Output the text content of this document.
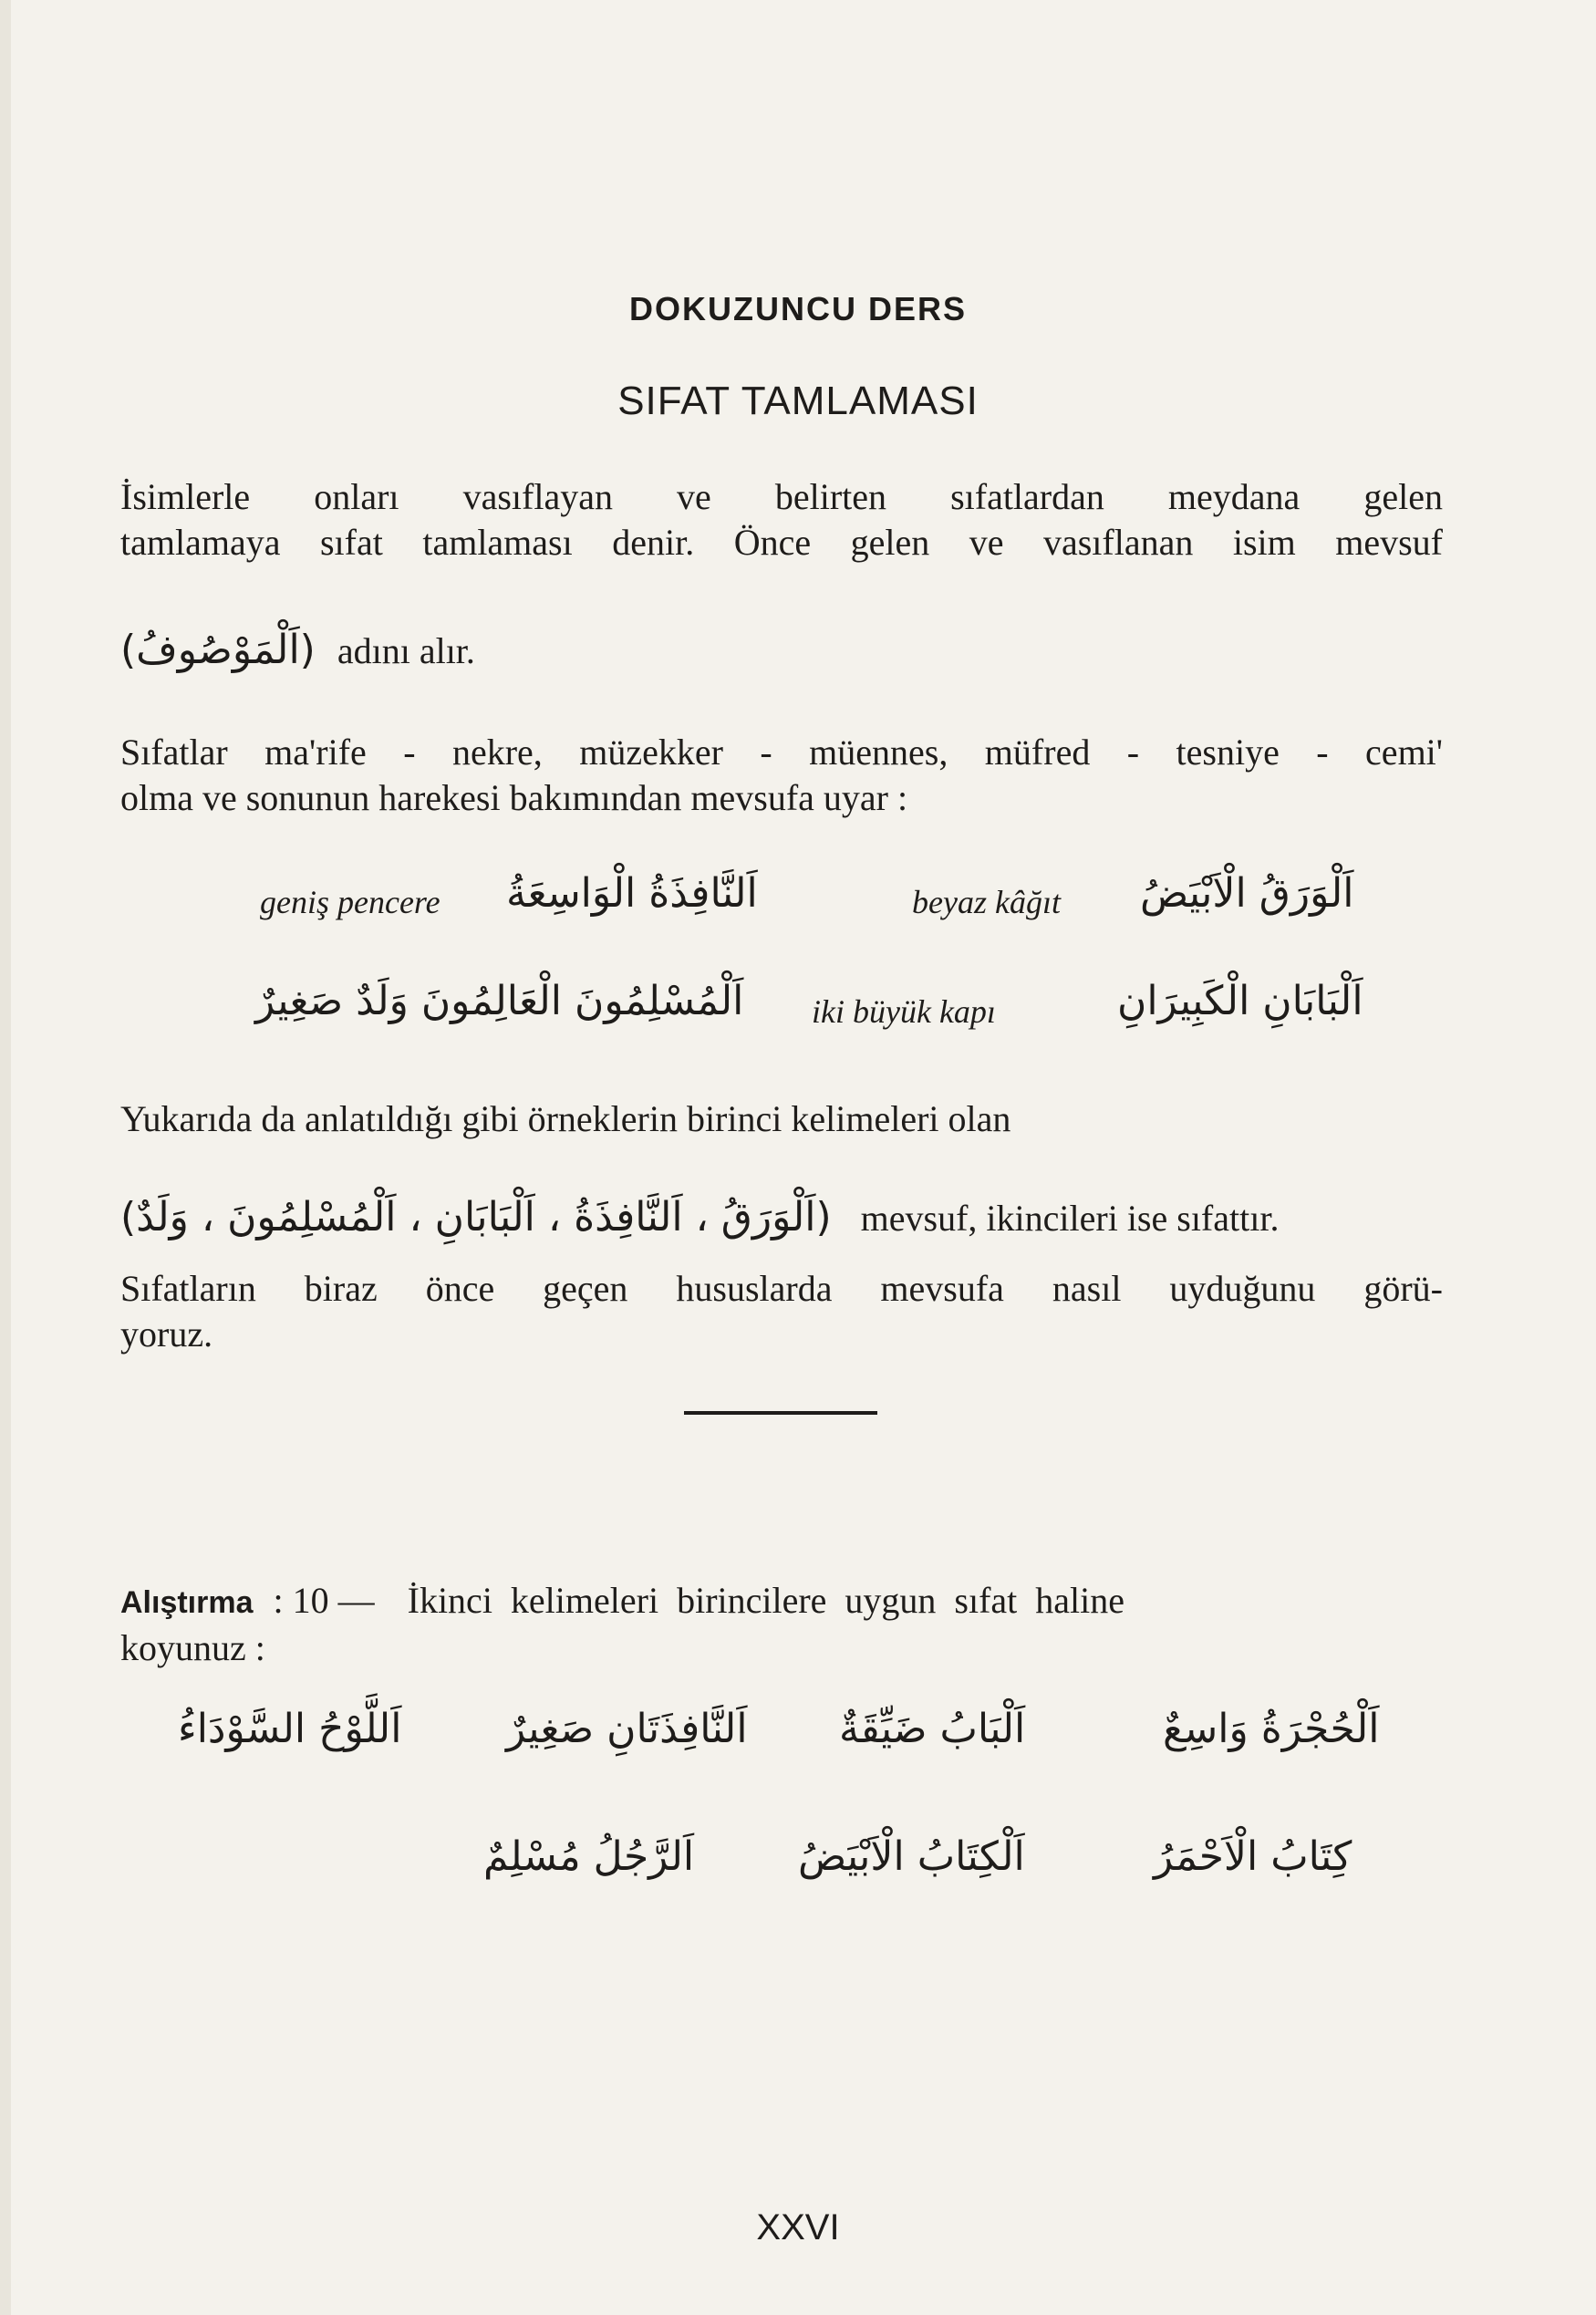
DOKUZUNCU DERS
SIFAT TAMLAMASI
İsimlerle onları vasıflayan ve belirten sıfatlardan meydana gelen
tamlamaya sıfat tamlaması denir. Önce gelen ve vasıflanan isim mevsuf
(اَلْمَوْصُوفُ) adını alır.
Sıfatlar ma'rife - nekre, müzekker - müennes, müfred - tesniye - cemi'
olma ve sonunun harekesi bakımından mevsufa uyar :
geniş pencere اَلنَّافِذَةُ الْوَاسِعَةُ	beyaz kâğıt اَلْوَرَقُ الْاَبْيَضُ
اَلْمُسْلِمُونَ الْعَالِمُونَ وَلَدٌ صَغِيرٌ iki büyük kapı	اَلْبَابَانِ الْكَبِيرَانِ
Yukarıda da anlatıldığı gibi örneklerin birinci kelimeleri olan
(اَلْوَرَقُ ، اَلنَّافِذَةُ ، اَلْبَابَانِ ، اَلْمُسْلِمُونَ ، وَلَدٌ) mevsuf, ikincileri ise sıfattır.
Sıfatların biraz önce geçen hususlarda mevsufa nasıl uyduğunu görü-
yoruz.
Alıştırma : 10 — İkinci kelimeleri birincilere uygun sıfat haline
koyunuz :
اَلْحُجْرَةُ وَاسِعٌ
اَلْبَابُ ضَيِّقَةٌ
اَلنَّافِذَتَانِ صَغِيرٌ
اَللَّوْحُ السَّوْدَاءُ
كِتَابُ الْاَحْمَرُ
اَلْكِتَابُ الْاَبْيَضُ
اَلرَّجُلُ مُسْلِمٌ
XXVI
